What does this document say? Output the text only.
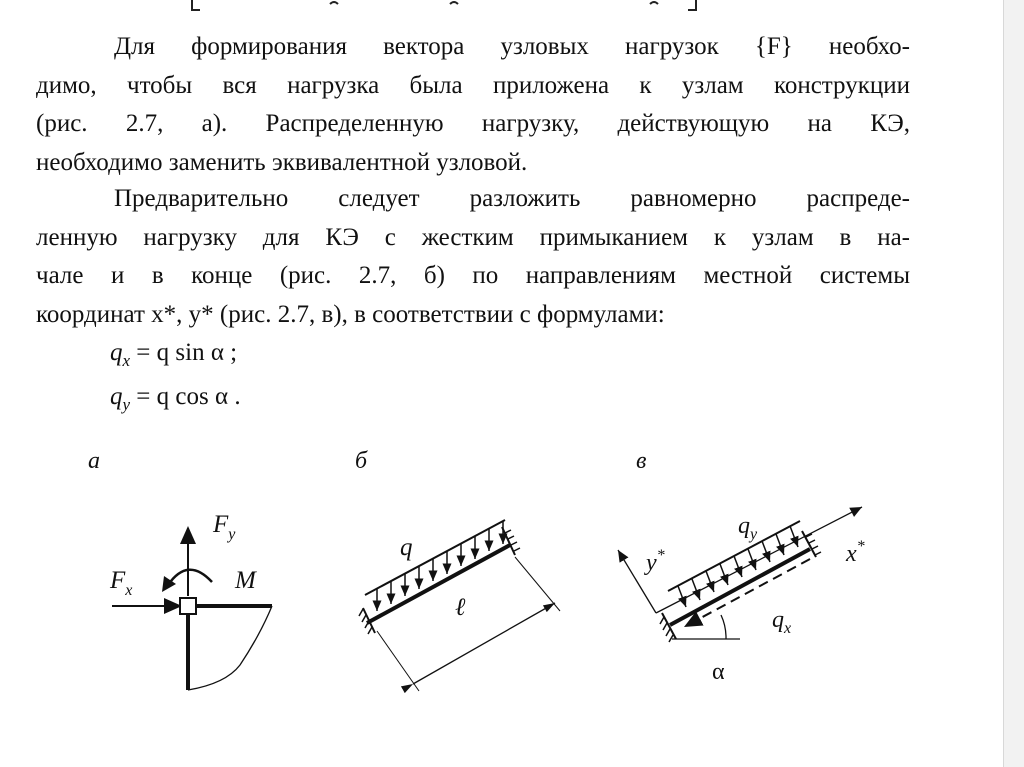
Для формирования вектора узловых нагрузок {F} необхо-
димо, чтобы вся нагрузка была приложена к узлам конструкции
(рис. 2.7, а). Распределенную нагрузку, действующую на КЭ,
необходимо заменить эквивалентной узловой.
Предварительно следует разложить равномерно распреде-
ленную нагрузку для КЭ с жестким примыканием к узлам в на-
чале и в конце (рис. 2.7, б) по направлениям местной системы
координат x*, y* (рис. 2.7, в), в соответствии с формулами:
$q_x = q$ sin α ;
$q_y = q$ cos α .
а	б	в
$F_y$
$F_x$	M
q
ℓ
$q_y$
$q_x$
x*
y*
α
